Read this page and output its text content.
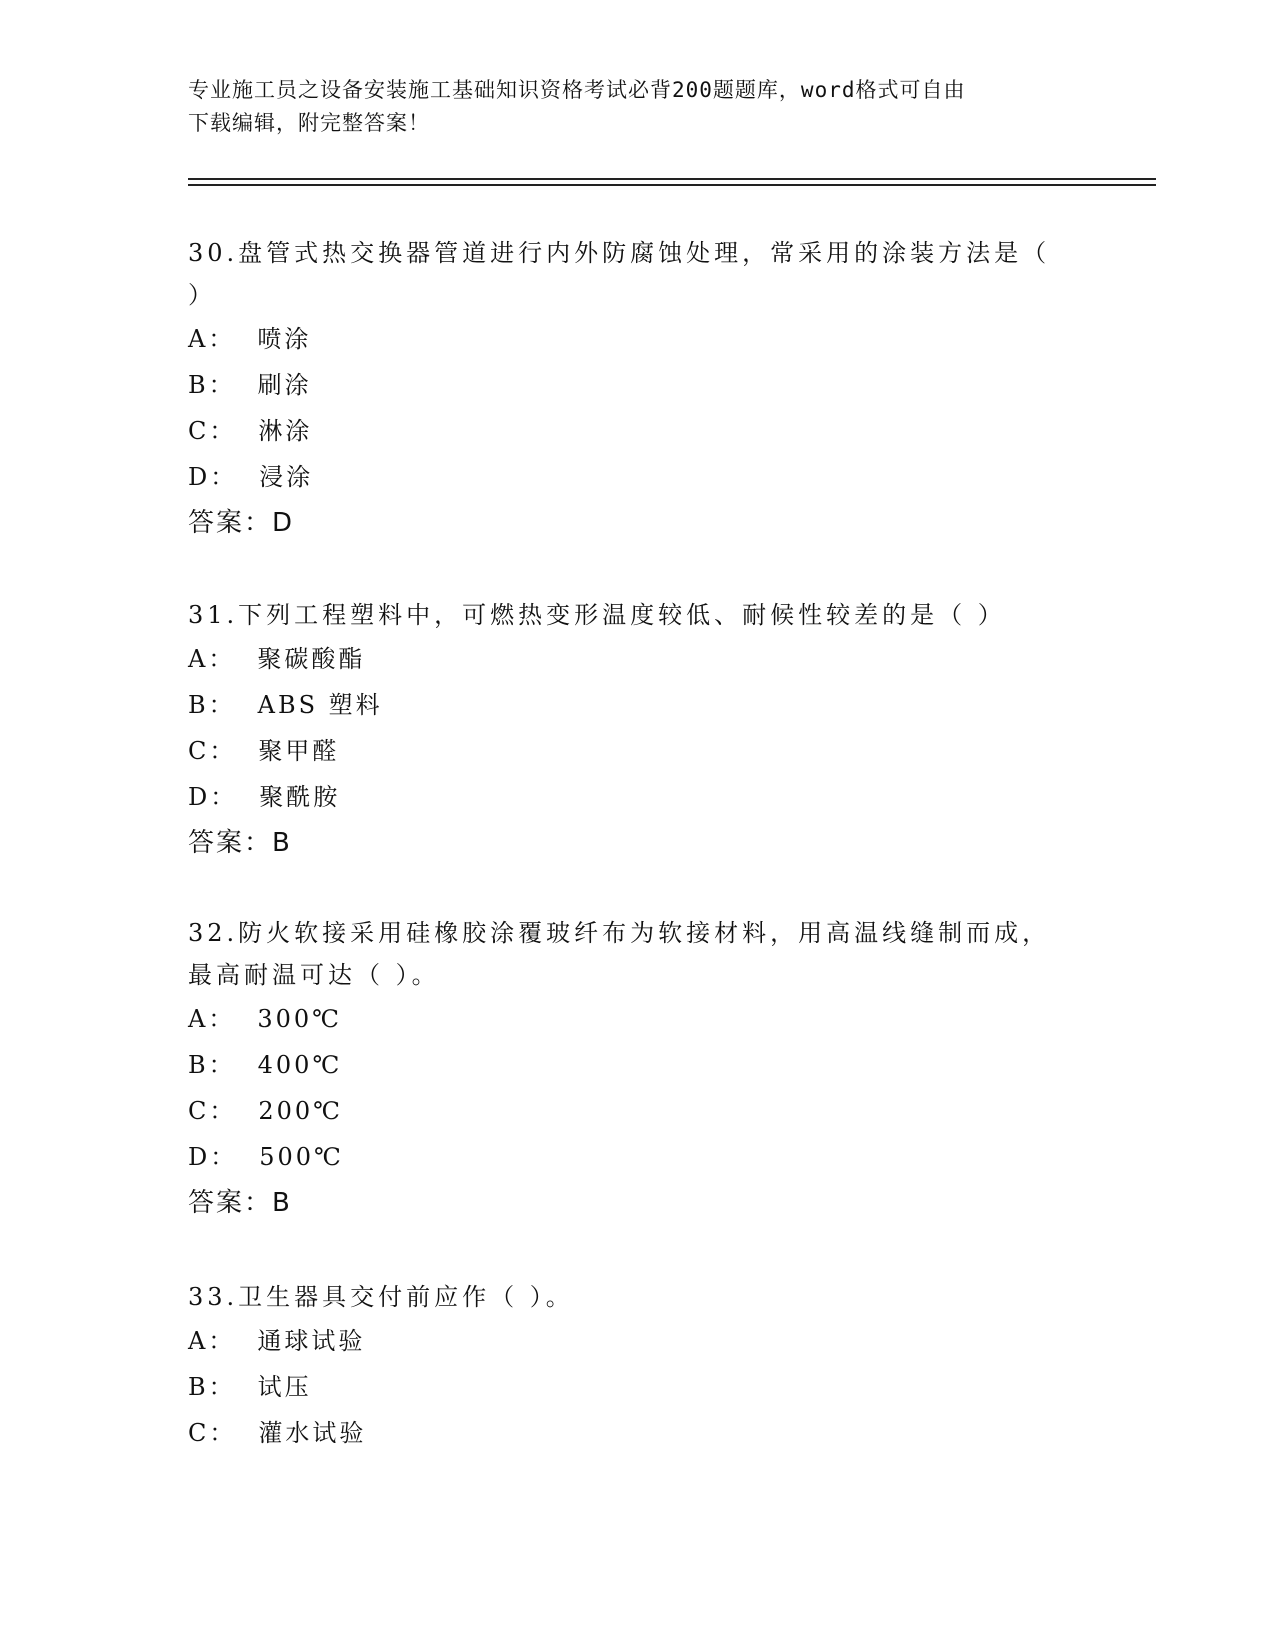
专业施工员之设备安装施工基础知识资格考试必背200题题库，word格式可自由
下载编辑，附完整答案！
30.盘管式热交换器管道进行内外防腐蚀处理，常采用的涂装方法是（
）
A： 喷涂
B： 刷涂
C： 淋涂
D： 浸涂
答案：D
31.下列工程塑料中，可燃热变形温度较低、耐候性较差的是（ ）
A： 聚碳酸酯
B： ABS 塑料
C： 聚甲醛
D： 聚酰胺
答案：B
32.防火软接采用硅橡胶涂覆玻纤布为软接材料，用高温线缝制而成，
最高耐温可达（ ）。
A： 300℃
B： 400℃
C： 200℃
D： 500℃
答案：B
33.卫生器具交付前应作（ ）。
A： 通球试验
B： 试压
C： 灌水试验
